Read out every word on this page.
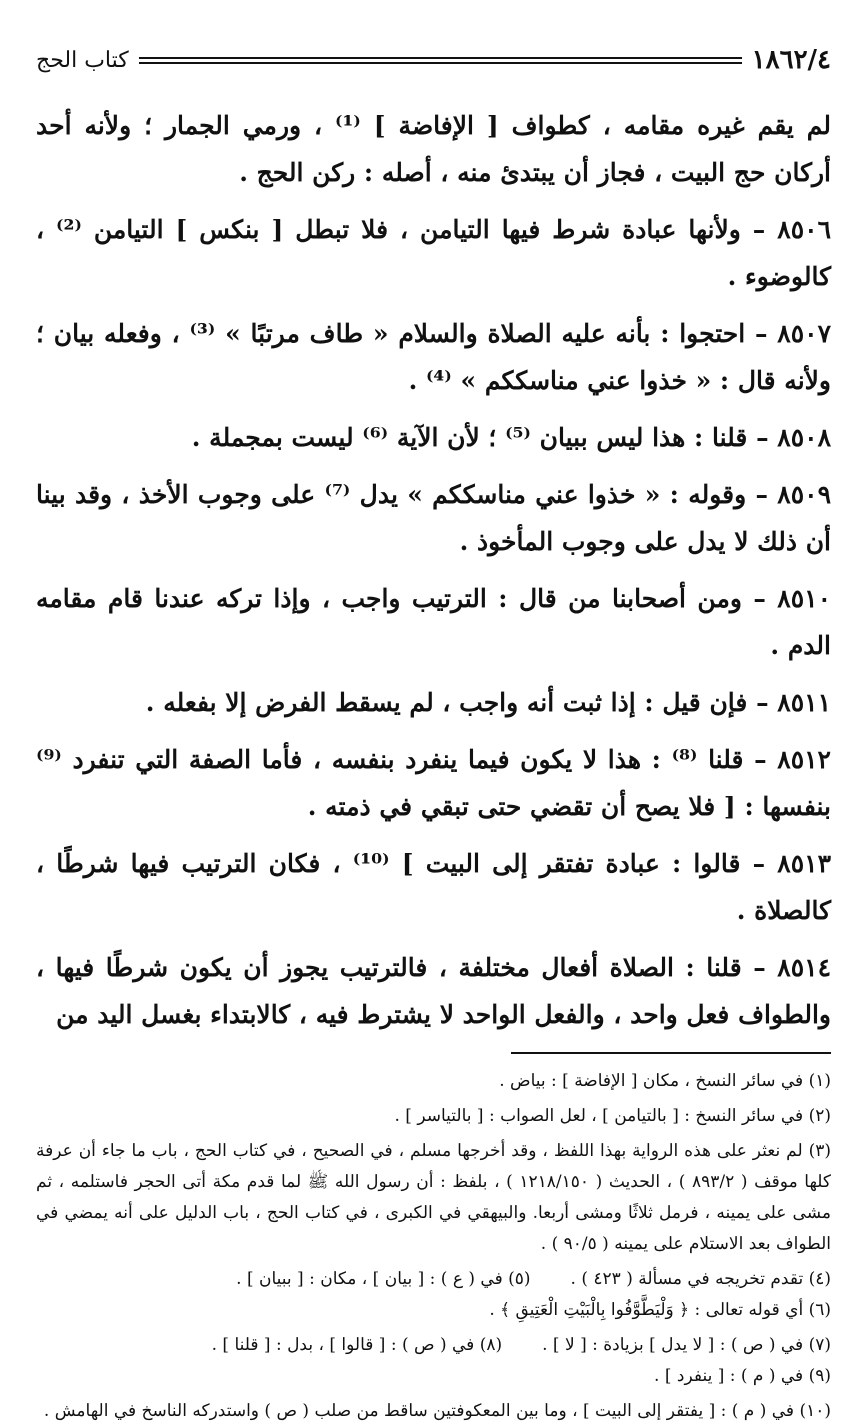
١٨٦٢/٤
كتاب الحج

لم يقم غيره مقامه ، كطواف [ الإفاضة ] ⁽¹⁾ ، ورمي الجمار ؛ ولأنه أحد أركان حج البيت ، فجاز أن يبتدئ منه ، أصله : ركن الحج .

٨٥٠٦ – ولأنها عبادة شرط فيها التيامن ، فلا تبطل [ بنكس ] التيامن ⁽²⁾ ، كالوضوء .

٨٥٠٧ – احتجوا : بأنه عليه الصلاة والسلام « طاف مرتبًا » ⁽³⁾ ، وفعله بيان ؛ ولأنه قال : « خذوا عني مناسككم » ⁽⁴⁾ .

٨٥٠٨ – قلنا : هذا ليس ببيان ⁽⁵⁾ ؛ لأن الآية ⁽⁶⁾ ليست بمجملة .

٨٥٠٩ – وقوله : « خذوا عني مناسككم » يدل ⁽⁷⁾ على وجوب الأخذ ، وقد بينا أن ذلك لا يدل على وجوب المأخوذ .

٨٥١٠ – ومن أصحابنا من قال : الترتيب واجب ، وإذا تركه عندنا قام مقامه الدم .

٨٥١١ – فإن قيل : إذا ثبت أنه واجب ، لم يسقط الفرض إلا بفعله .

٨٥١٢ – قلنا ⁽⁸⁾ : هذا لا يكون فيما ينفرد بنفسه ، فأما الصفة التي تنفرد ⁽⁹⁾ بنفسها : [ فلا يصح أن تقضي حتى تبقي في ذمته .

٨٥١٣ – قالوا : عبادة تفتقر إلى البيت ] ⁽¹⁰⁾ ، فكان الترتيب فيها شرطًا ، كالصلاة .

٨٥١٤ – قلنا : الصلاة أفعال مختلفة ، فالترتيب يجوز أن يكون شرطًا فيها ، والطواف فعل واحد ، والفعل الواحد لا يشترط فيه ، كالابتداء بغسل اليد من

(١) في سائر النسخ ، مكان [ الإفاضة ] : بياض .

(٢) في سائر النسخ : [ بالتيامن ] ، لعل الصواب : [ بالتياسر ] .

(٣) لم نعثر على هذه الرواية بهذا اللفظ ، وقد أخرجها مسلم ، في الصحيح ، في كتاب الحج ، باب ما جاء أن عرفة كلها موقف ( ٨٩٣/٢ ) ، الحديث ( ١٢١٨/١٥٠ ) ، بلفظ : أن رسول الله ﷺ لما قدم مكة أتى الحجر فاستلمه ، ثم مشى على يمينه ، فرمل ثلاثًا ومشى أربعا. والبيهقي في الكبرى ، في كتاب الحج ، باب الدليل على أنه يمضي في الطواف بعد الاستلام على يمينه ( ٩٠/٥ ) .

(٤) تقدم تخريجه في مسألة ( ٤٢٣ ) .
(٥) في ( ع ) : [ بيان ] ، مكان : [ ببيان ] .

(٦) أي قوله تعالى : ﴿ وَلْيَطَّوَّفُوا بِالْبَيْتِ الْعَتِيقِ ﴾ .

(٧) في ( ص ) : [ لا يدل ] بزيادة : [ لا ] .
(٨) في ( ص ) : [ قالوا ] ، بدل : [ قلنا ] .

(٩) في ( م ) : [ ينفرد ] .

(١٠) في ( م ) : [ يفتقر إلى البيت ] ، وما بين المعكوفتين ساقط من صلب ( ص ) واستدركه الناسخ في الهامش .
